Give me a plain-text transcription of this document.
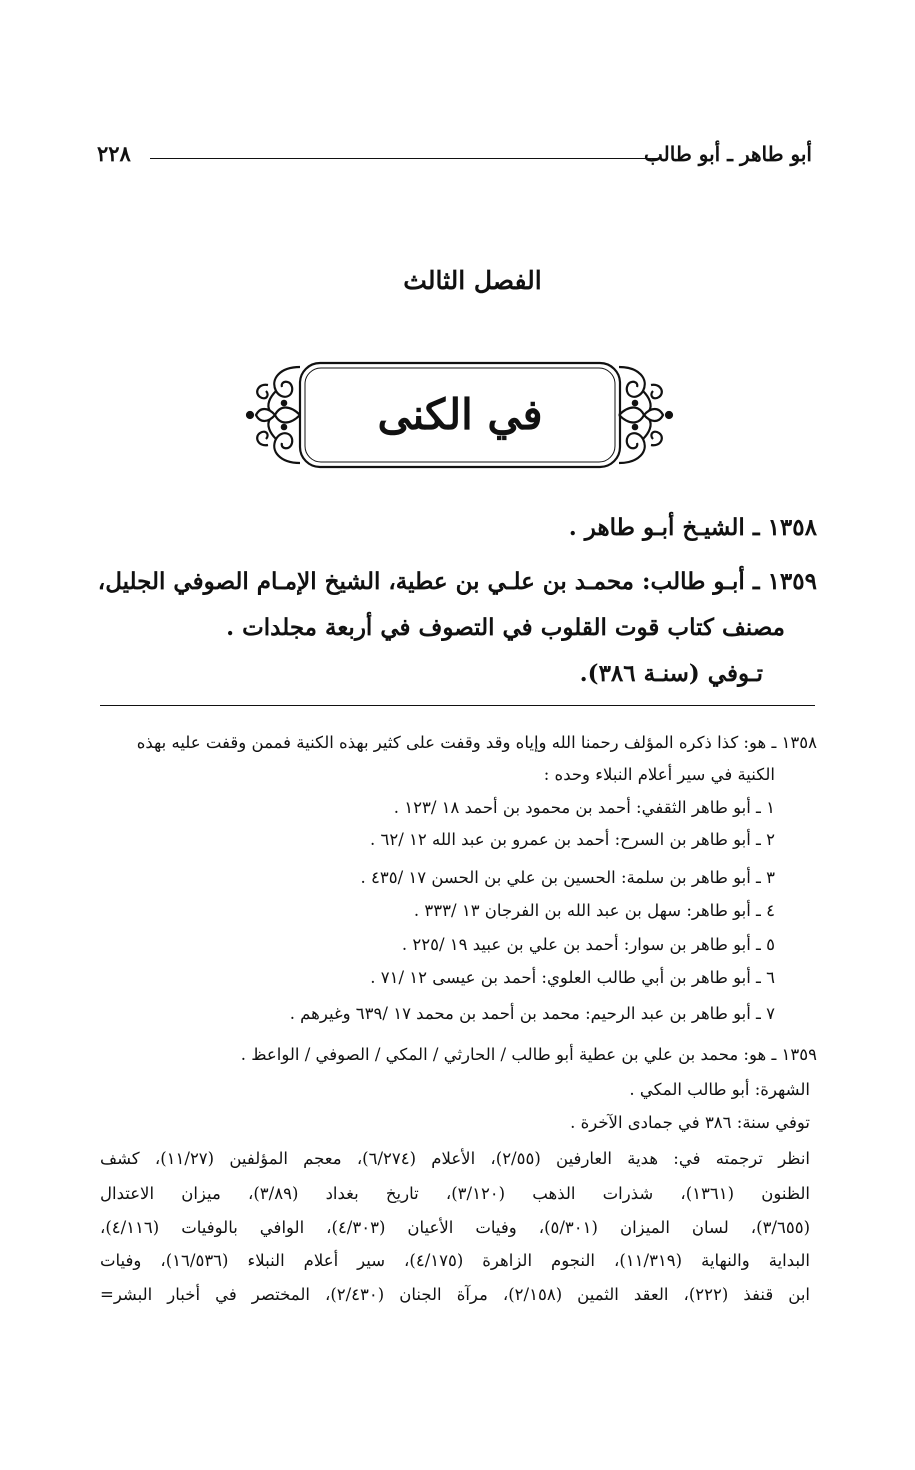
أبو طاهر ـ أبو طالب
٢٢٨
الفصل الثالث
في الكنى
١٣٥٨ ـ الشيـخ أبـو طاهر .
١٣٥٩ ـ أبـو طالب: محمـد بن علـي بن عطية، الشيخ الإمـام الصوفي الجليل،
مصنف كتاب قوت القلوب في التصوف في أربعة مجلدات .
تـوفي (سنـة ٣٨٦).
١٣٥٨ ـ هو: كذا ذكره المؤلف رحمنا الله وإياه وقد وقفت على كثير بهذه الكنية فممن وقفت عليه بهذه
الكنية في سير أعلام النبلاء وحده :
١ ـ أبو طاهر الثقفي: أحمد بن محمود بن أحمد ١٨ /١٢٣ .
٢ ـ أبو طاهر بن السرح: أحمد بن عمرو بن عبد الله ١٢ /٦٢ .
٣ ـ أبو طاهر بن سلمة: الحسين بن علي بن الحسن ١٧ /٤٣٥ .
٤ ـ أبو طاهر: سهل بن عبد الله بن الفرجان ١٣ /٣٣٣ .
٥ ـ أبو طاهر بن سوار: أحمد بن علي بن عبيد ١٩ /٢٢٥ .
٦ ـ أبو طاهر بن أبي طالب العلوي: أحمد بن عيسى ١٢ /٧١ .
٧ ـ أبو طاهر بن عبد الرحيم: محمد بن أحمد بن محمد ١٧ /٦٣٩ وغيرهم .
١٣٥٩ ـ هو: محمد بن علي بن عطية أبو طالب / الحارثي / المكي / الصوفي / الواعظ .
الشهرة: أبو طالب المكي .
توفي سنة: ٣٨٦ في جمادى الآخرة .
انظر ترجمته في: هدية العارفين (٢/٥٥)، الأعلام (٦/٢٧٤)، معجم المؤلفين (١١/٢٧)، كشف
الظنون (١٣٦١)، شذرات الذهب (٣/١٢٠)، تاريخ بغداد (٣/٨٩)، ميزان الاعتدال
(٣/٦٥٥)، لسان الميزان (٥/٣٠١)، وفيات الأعيان (٤/٣٠٣)، الوافي بالوفيات (٤/١١٦)،
البداية والنهاية (١١/٣١٩)، النجوم الزاهرة (٤/١٧٥)، سير أعلام النبلاء (١٦/٥٣٦)، وفيات
ابن قنفذ (٢٢٢)، العقد الثمين (٢/١٥٨)، مرآة الجنان (٢/٤٣٠)، المختصر في أخبار البشر=
